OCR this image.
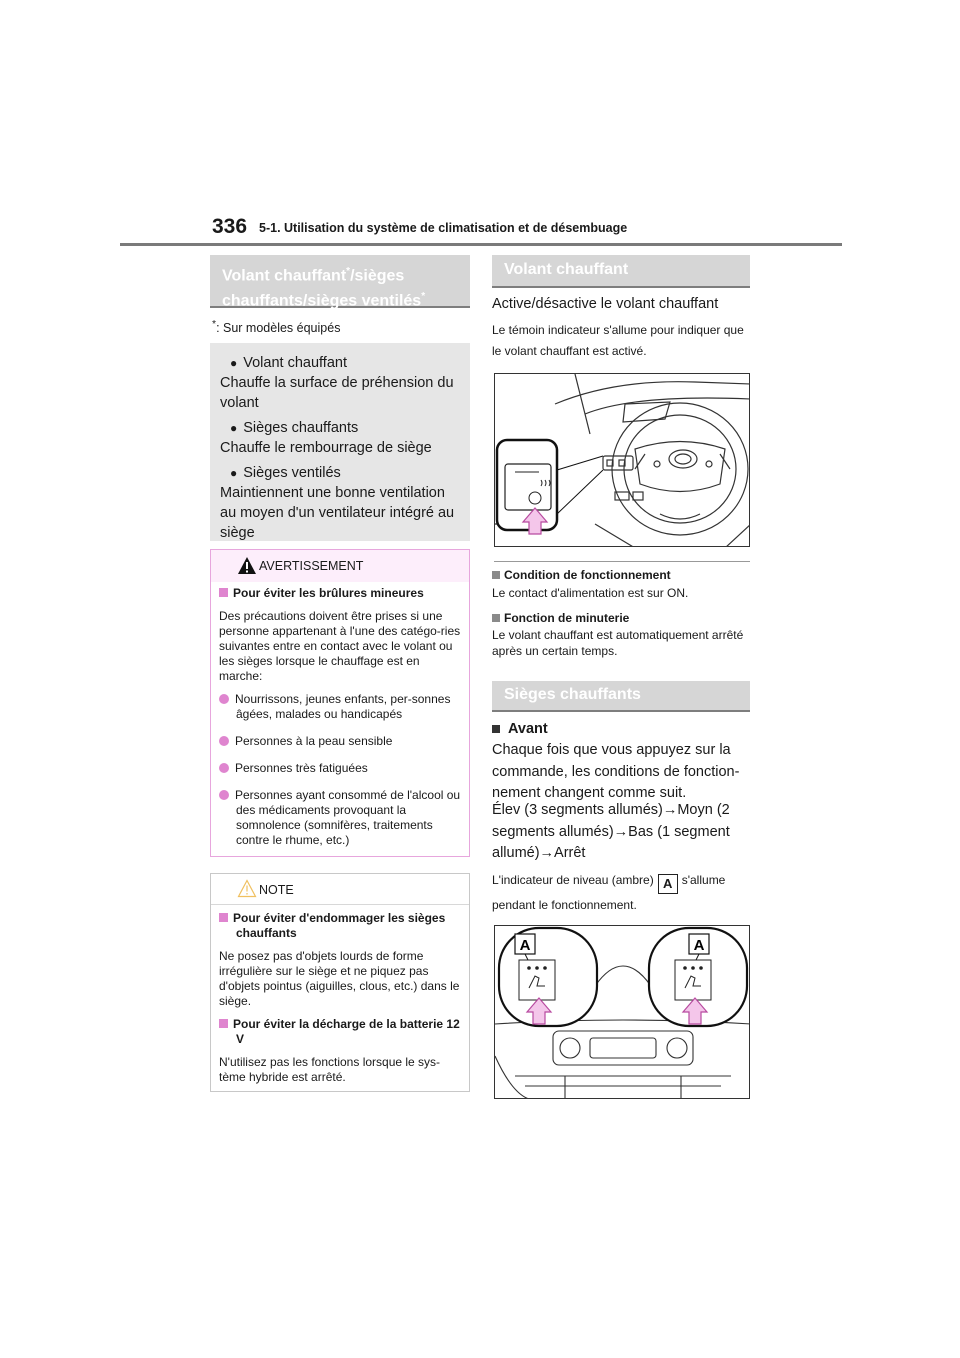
336 5-1. Utilisation du système de climatisation et de désembuage
Volant chauffant*/sièges
chauffants/sièges ventilés*
*: Sur modèles équipés

● Volant chauffant

Chauffe la surface de préhension du volant

● Sièges chauffants

Chauffe le rembourrage de siège

● Sièges ventilés

Maintiennent une bonne ventilation au moyen d'un ventilateur intégré au siège

AVERTISSEMENT

Pour éviter les brûlures mineures

Des précautions doivent être prises si une personne appartenant à l'une des catégo-ries suivantes entre en contact avec le volant ou les sièges lorsque le chauffage est en marche:

Nourrissons, jeunes enfants, per-sonnes âgées, malades ou handicapés

Personnes à la peau sensible

Personnes très fatiguées

Personnes ayant consommé de l'alcool ou des médicaments provoquant la somnolence (somnifères, traitements contre le rhume, etc.)

NOTE

Pour éviter d'endommager les sièges chauffants

Ne posez pas d'objets lourds de forme irrégulière sur le siège et ne piquez pas d'objets pointus (aiguilles, clous, etc.) dans le siège.

Pour éviter la décharge de la batterie 12 V

N'utilisez pas les fonctions lorsque le sys-tème hybride est arrêté.

Volant chauffant
Active/désactive le volant chauffant
Le témoin indicateur s'allume pour indiquer que le volant chauffant est activé.
Condition de fonctionnement
Le contact d'alimentation est sur ON.
Fonction de minuterie
Le volant chauffant est automatiquement arrêté après un certain temps.
Sièges chauffants
Avant
Chaque fois que vous appuyez sur la commande, les conditions de fonction-nement changent comme suit.
Élev (3 segments allumés)→Moyn (2 segments allumés)→Bas (1 segment allumé)→Arrêt
L'indicateur de niveau (ambre) A s'allume
pendant le fonctionnement.
A	A
